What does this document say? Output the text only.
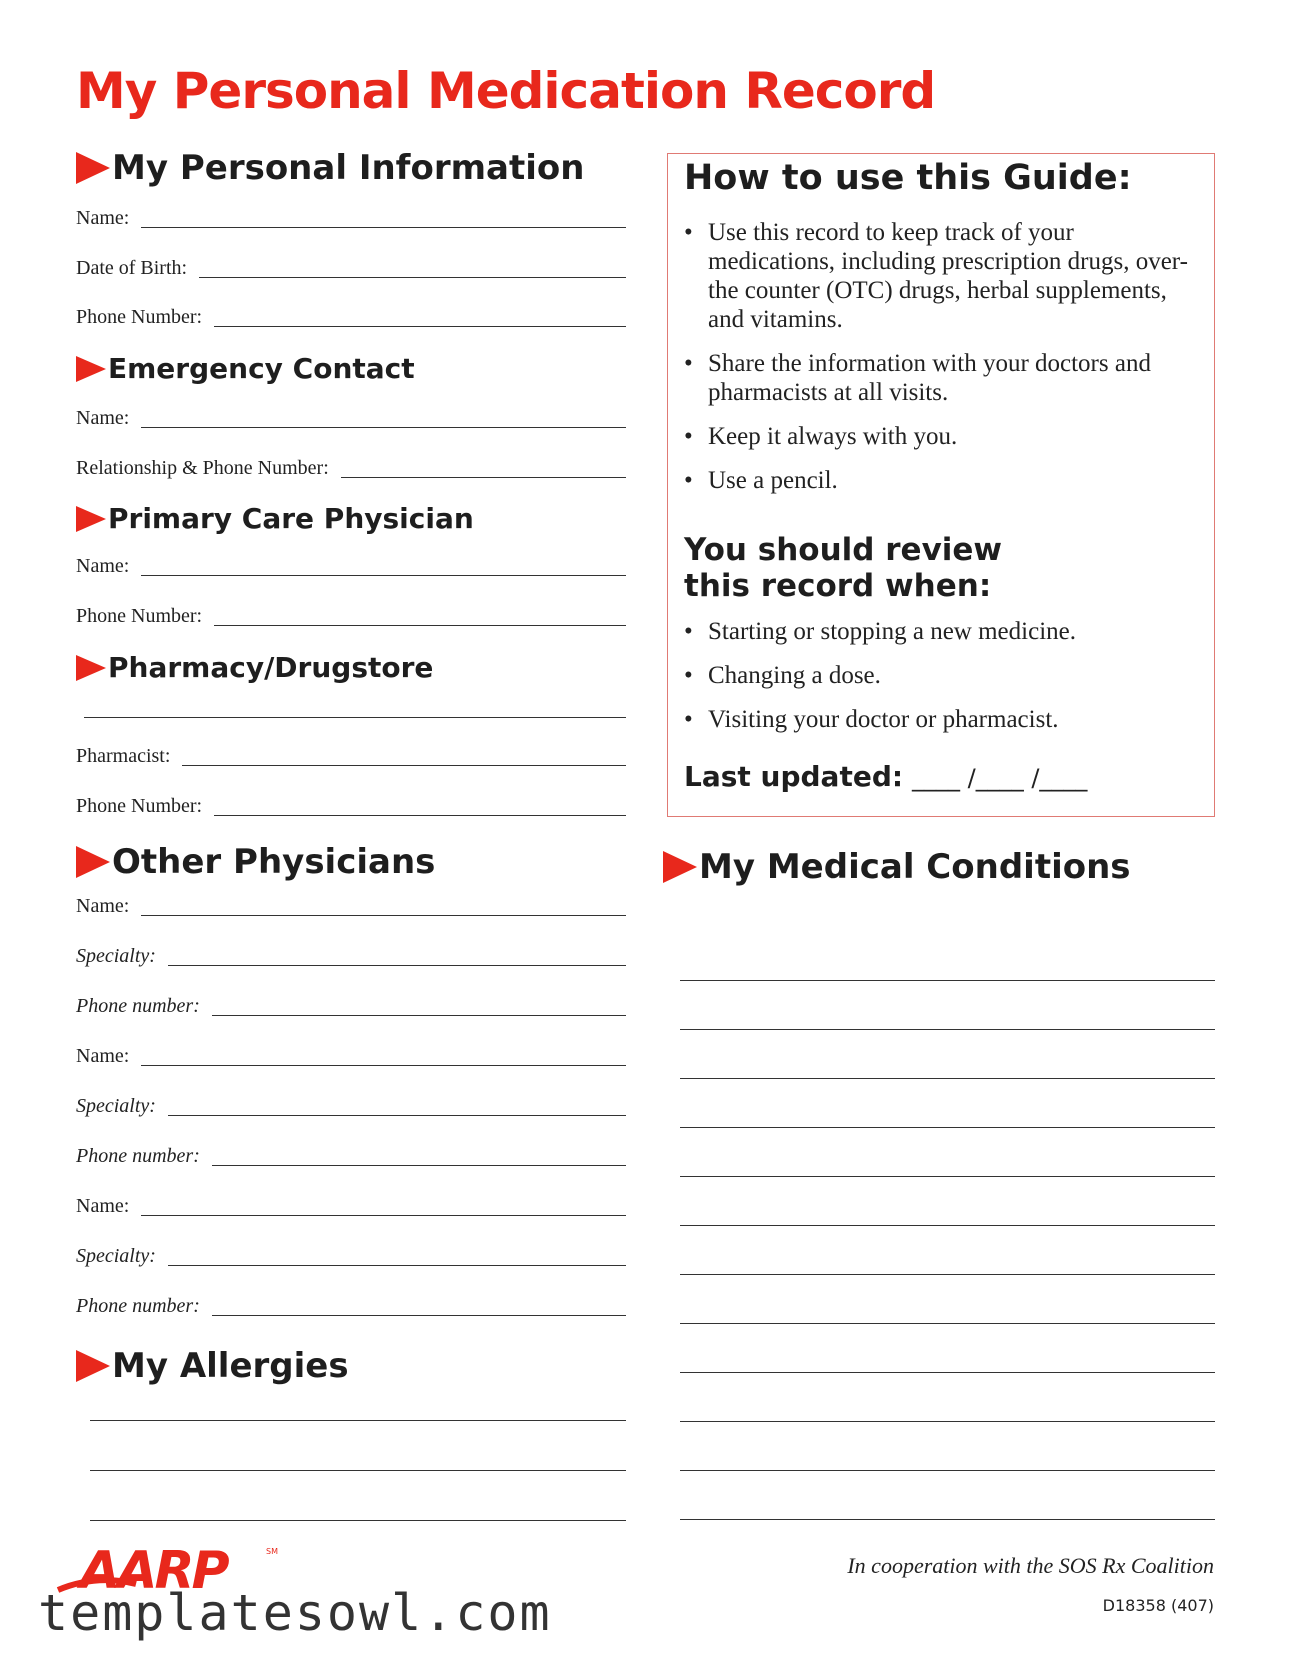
My Personal Medication Record
My Personal Information
Name:
Date of Birth:
Phone Number:
Emergency Contact
Name:
Relationship & Phone Number:
Primary Care Physician
Name:
Phone Number:
Pharmacy/Drugstore
Pharmacist:
Phone Number:
Other Physicians
Name:
Specialty:
Phone number:
Name:
Specialty:
Phone number:
Name:
Specialty:
Phone number:
My Allergies
How to use this Guide:
• Use this record to keep track of your medications, including prescription drugs, over-the counter (OTC) drugs, herbal supplements, and vitamins.
• Share the information with your doctors and pharmacists at all visits.
• Keep it always with you.
• Use a pencil.
You should review
this record when:
• Starting or stopping a new medicine.
• Changing a dose.
• Visiting your doctor or pharmacist.
Last updated: ____ /____ /____
My Medical Conditions
AARP	SM
templatesowl.com
In cooperation with the SOS Rx Coalition
D18358 (407)
